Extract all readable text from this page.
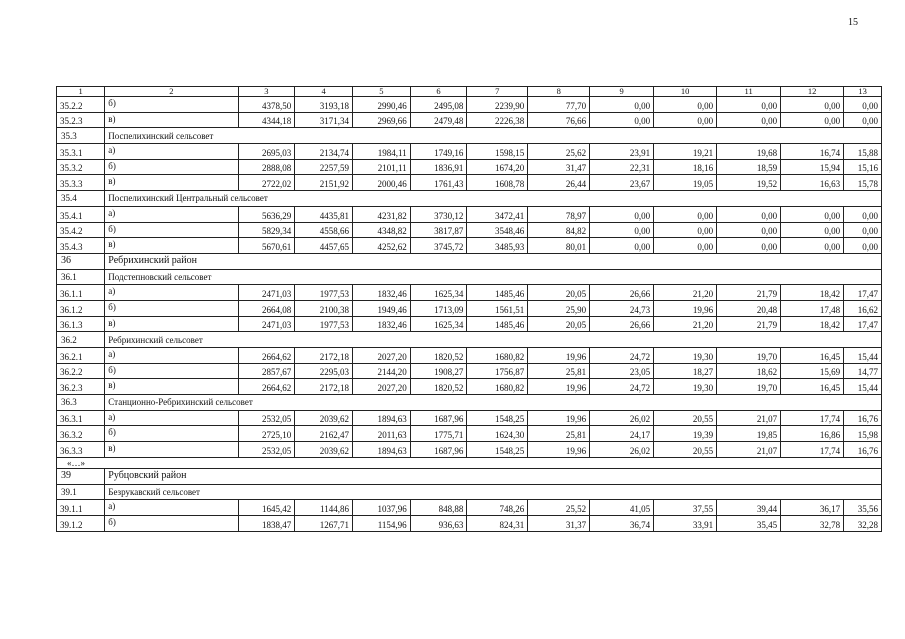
15
1	2	3	4	5	6	7	8	9	10	11	12	13
35.2.2	б)	4378,50	3193,18	2990,46	2495,08	2239,90	77,70	0,00	0,00	0,00	0,00	0,00
35.2.3	в)	4344,18	3171,34	2969,66	2479,48	2226,38	76,66	0,00	0,00	0,00	0,00	0,00
35.3	Поспелихинский сельсовет											
35.3.1	а)	2695,03	2134,74	1984,11	1749,16	1598,15	25,62	23,91	19,21	19,68	16,74	15,88
35.3.2	б)	2888,08	2257,59	2101,11	1836,91	1674,20	31,47	22,31	18,16	18,59	15,94	15,16
35.3.3	в)	2722,02	2151,92	2000,46	1761,43	1608,78	26,44	23,67	19,05	19,52	16,63	15,78
35.4	Поспелихинский Центральный сельсовет											
35.4.1	а)	5636,29	4435,81	4231,82	3730,12	3472,41	78,97	0,00	0,00	0,00	0,00	0,00
35.4.2	б)	5829,34	4558,66	4348,82	3817,87	3548,46	84,82	0,00	0,00	0,00	0,00	0,00
35.4.3	в)	5670,61	4457,65	4252,62	3745,72	3485,93	80,01	0,00	0,00	0,00	0,00	0,00
36	Ребрихинский район											
36.1	Подстепновский сельсовет											
36.1.1	а)	2471,03	1977,53	1832,46	1625,34	1485,46	20,05	26,66	21,20	21,79	18,42	17,47
36.1.2	б)	2664,08	2100,38	1949,46	1713,09	1561,51	25,90	24,73	19,96	20,48	17,48	16,62
36.1.3	в)	2471,03	1977,53	1832,46	1625,34	1485,46	20,05	26,66	21,20	21,79	18,42	17,47
36.2	Ребрихинский сельсовет											
36.2.1	а)	2664,62	2172,18	2027,20	1820,52	1680,82	19,96	24,72	19,30	19,70	16,45	15,44
36.2.2	б)	2857,67	2295,03	2144,20	1908,27	1756,87	25,81	23,05	18,27	18,62	15,69	14,77
36.2.3	в)	2664,62	2172,18	2027,20	1820,52	1680,82	19,96	24,72	19,30	19,70	16,45	15,44
36.3	Станционно-Ребрихинский сельсовет											
36.3.1	а)	2532,05	2039,62	1894,63	1687,96	1548,25	19,96	26,02	20,55	21,07	17,74	16,76
36.3.2	б)	2725,10	2162,47	2011,63	1775,71	1624,30	25,81	24,17	19,39	19,85	16,86	15,98
36.3.3	в)	2532,05	2039,62	1894,63	1687,96	1548,25	19,96	26,02	20,55	21,07	17,74	16,76
«…»												
39	Рубцовский район											
39.1	Безрукавский сельсовет											
39.1.1	а)	1645,42	1144,86	1037,96	848,88	748,26	25,52	41,05	37,55	39,44	36,17	35,56
39.1.2	б)	1838,47	1267,71	1154,96	936,63	824,31	31,37	36,74	33,91	35,45	32,78	32,28
